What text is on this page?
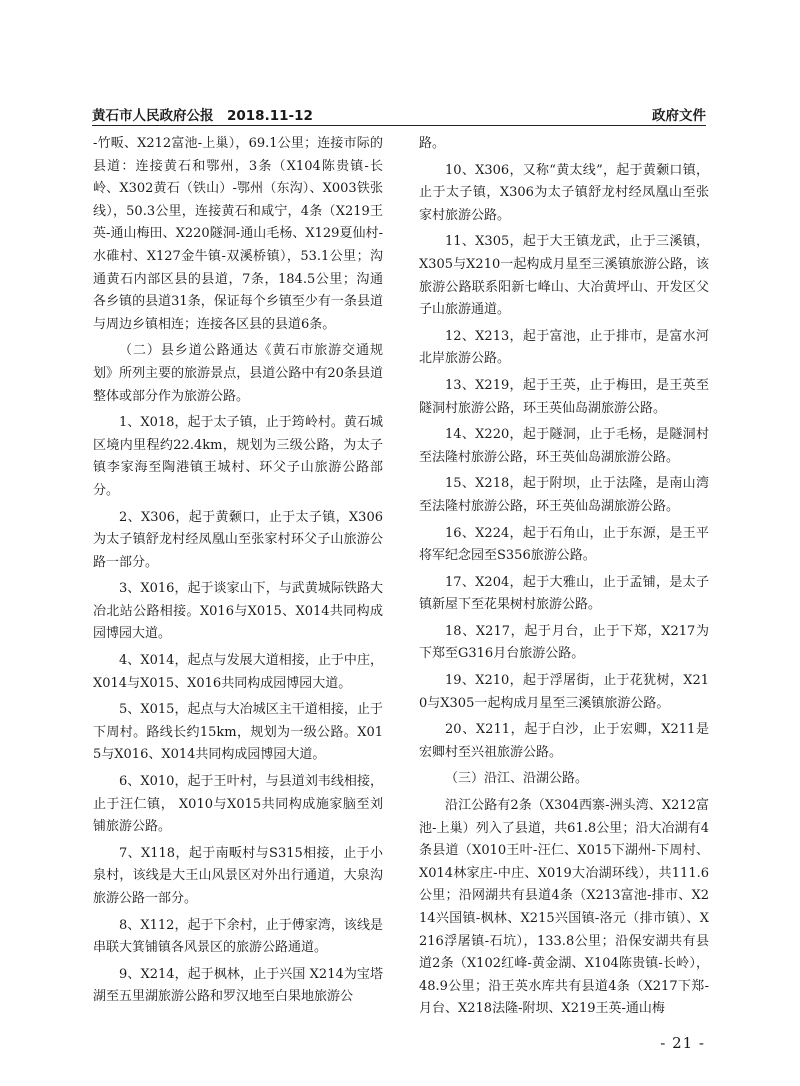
黄石市人民政府公报　2018.11-12	政府文件

-竹畈、X212富池-上巢），69.1公里；连接市际的县道：连接黄石和鄂州，3条（X104陈贵镇-长岭、X302黄石（铁山）-鄂州（东沟）、X003铁张线），50.3公里，连接黄石和咸宁，4条（X219王英-通山梅田、X220隧洞-通山毛杨、X129夏仙村-水碓村、X127金牛镇-双溪桥镇），53.1公里；沟通黄石内部区县的县道，7条，184.5公里；沟通各乡镇的县道31条，保证每个乡镇至少有一条县道与周边乡镇相连；连接各区县的县道6条。

（二）县乡道公路通达《黄石市旅游交通规划》所列主要的旅游景点，县道公路中有20条县道整体或部分作为旅游公路。

1、X018，起于太子镇，止于筠岭村。黄石城区境内里程约22.4km，规划为三级公路，为太子镇李家海至陶港镇王城村、环父子山旅游公路部分。

2、X306，起于黄颡口，止于太子镇，X306为太子镇舒龙村经凤凰山至张家村环父子山旅游公路一部分。

3、X016，起于谈家山下，与武黄城际铁路大冶北站公路相接。X016与X015、X014共同构成园博园大道。

4、X014，起点与发展大道相接，止于中庄，X014与X015、X016共同构成园博园大道。

5、X015，起点与大冶城区主干道相接，止于下周村。路线长约15km，规划为一级公路。X015与X016、X014共同构成园博园大道。

6、X010，起于王叶村，与县道刘韦线相接，止于汪仁镇， X010与X015共同构成施家脑至刘铺旅游公路。

7、X118，起于南畈村与S315相接，止于小泉村，该线是大王山风景区对外出行通道，大泉沟旅游公路一部分。

8、X112，起于下余村，止于傅家湾，该线是串联大箕铺镇各风景区的旅游公路通道。

9、X214，起于枫林，止于兴国 X214为宝塔湖至五里湖旅游公路和罗汉地至白果地旅游公

路。

10、X306，又称“黄太线”，起于黄颡口镇，止于太子镇，X306为太子镇舒龙村经凤凰山至张家村旅游公路。

11、X305，起于大王镇龙武，止于三溪镇，X305与X210一起构成月星至三溪镇旅游公路，该旅游公路联系阳新七峰山、大冶黄坪山、开发区父子山旅游通道。

12、X213，起于富池，止于排市，是富水河北岸旅游公路。

13、X219，起于王英，止于梅田，是王英至隧洞村旅游公路，环王英仙岛湖旅游公路。

14、X220，起于隧洞，止于毛杨，是隧洞村至法隆村旅游公路，环王英仙岛湖旅游公路。

15、X218，起于附坝，止于法隆，是南山湾至法隆村旅游公路，环王英仙岛湖旅游公路。

16、X224，起于石角山，止于东源，是王平将军纪念园至S356旅游公路。

17、X204，起于大雅山，止于孟铺，是太子镇新屋下至花果树村旅游公路。

18、X217，起于月台，止于下郑，X217为下郑至G316月台旅游公路。

19、X210，起于浮屠街，止于花犹树，X210与X305一起构成月星至三溪镇旅游公路。

20、X211，起于白沙，止于宏卿，X211是宏卿村至兴祖旅游公路。

（三）沿江、沿湖公路。

沿江公路有2条（X304西寨-洲头湾、X212富池-上巢）列入了县道，共61.8公里；沿大冶湖有4条县道（X010王叶-汪仁、X015下湖州-下周村、X014林家庄-中庄、X019大冶湖环线），共111.6公里；沿网湖共有县道4条（X213富池-排市、X214兴国镇-枫林、X215兴国镇-洛元（排市镇）、X216浮屠镇-石坑），133.8公里；沿保安湖共有县道2条（X102红峰-黄金湖、X104陈贵镇-长岭），48.9公里；沿王英水库共有县道4条（X217下郑-月台、X218法隆-附坝、X219王英-通山梅

- 21 -
